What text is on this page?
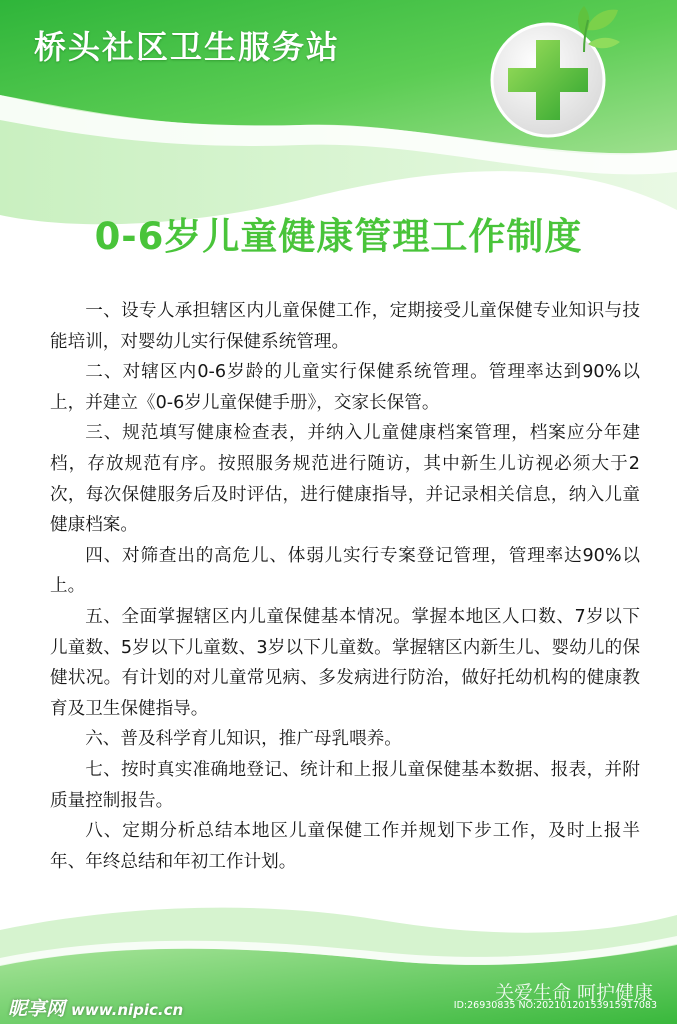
桥头社区卫生服务站
0-6岁儿童健康管理工作制度

一、设专人承担辖区内儿童保健工作，定期接受儿童保健专业知识与技能培训，对婴幼儿实行保健系统管理。

二、对辖区内0-6岁龄的儿童实行保健系统管理。管理率达到90%以上，并建立《0-6岁儿童保健手册》，交家长保管。

三、规范填写健康检查表，并纳入儿童健康档案管理，档案应分年建档，存放规范有序。按照服务规范进行随访，其中新生儿访视必须大于2次，每次保健服务后及时评估，进行健康指导，并记录相关信息，纳入儿童健康档案。

四、对筛查出的高危儿、体弱儿实行专案登记管理，管理率达90%以上。

五、全面掌握辖区内儿童保健基本情况。掌握本地区人口数、7岁以下儿童数、5岁以下儿童数、3岁以下儿童数。掌握辖区内新生儿、婴幼儿的保健状况。有计划的对儿童常见病、多发病进行防治，做好托幼机构的健康教育及卫生保健指导。

六、普及科学育儿知识，推广母乳喂养。

七、按时真实准确地登记、统计和上报儿童保健基本数据、报表，并附质量控制报告。

八、定期分析总结本地区儿童保健工作并规划下步工作，及时上报半年、年终总结和年初工作计划。

关爱生命 呵护健康
昵享网 www.nipic.cn	ID:26930835 NO:20210120153915917083
